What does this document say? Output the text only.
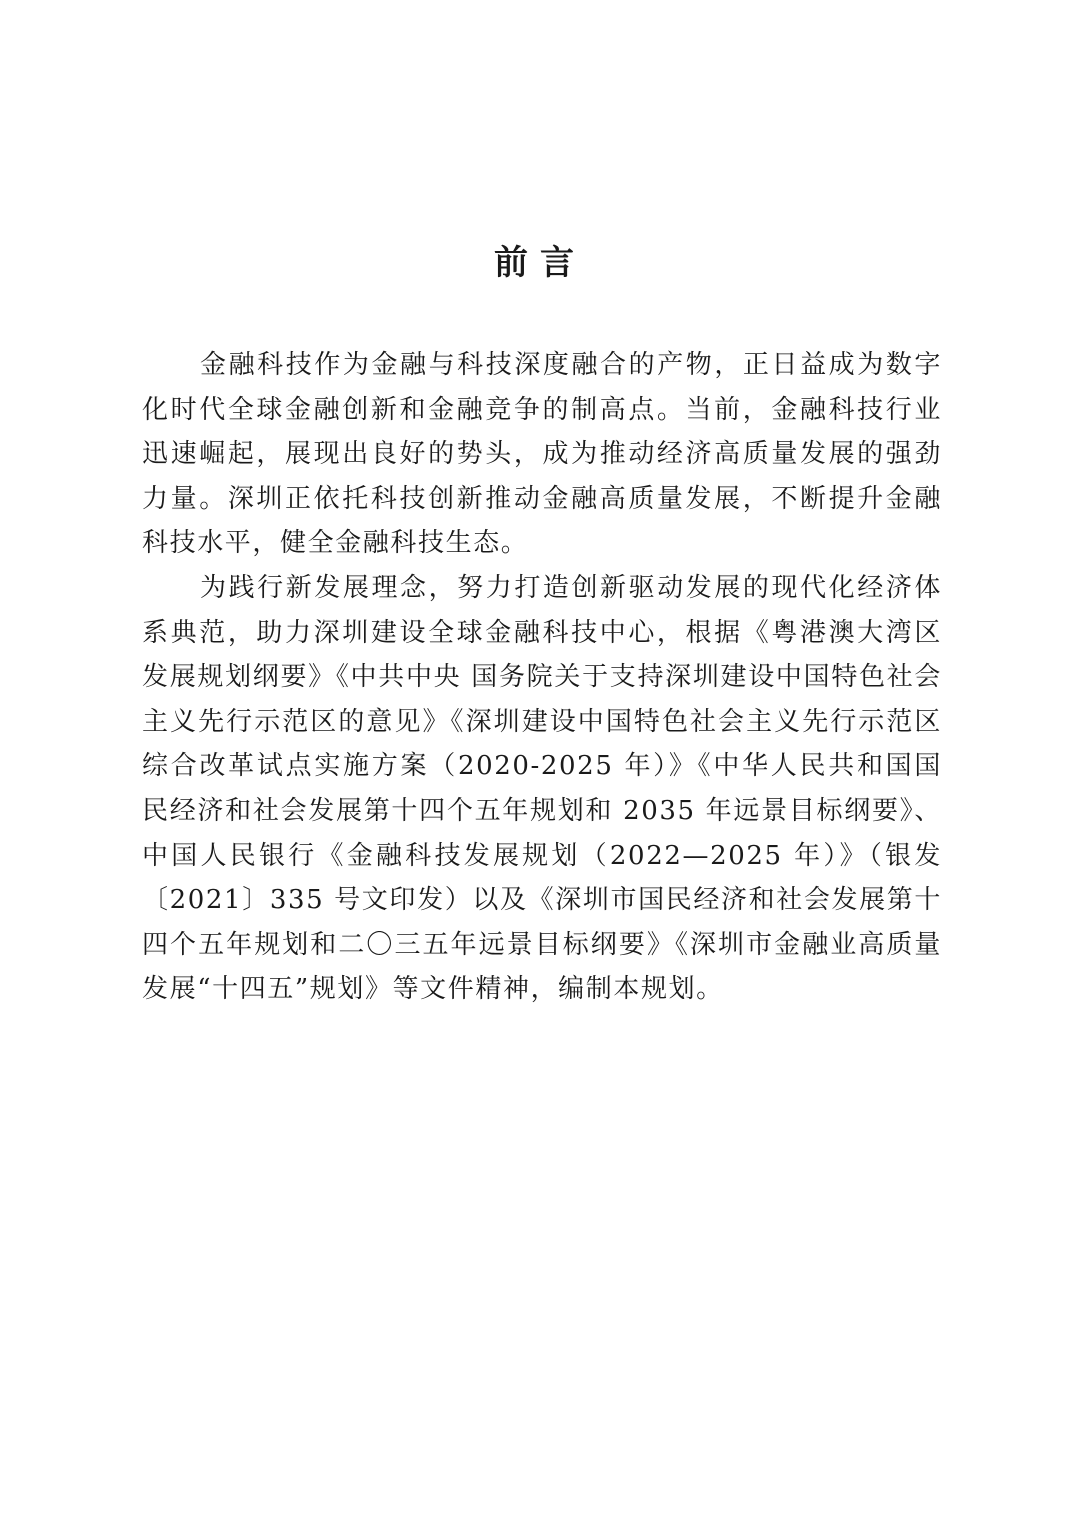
前言

金融科技作为金融与科技深度融合的产物，正日益成为数字化时代全球金融创新和金融竞争的制高点。当前，金融科技行业迅速崛起，展现出良好的势头，成为推动经济高质量发展的强劲力量。深圳正依托科技创新推动金融高质量发展，不断提升金融科技水平，健全金融科技生态。

为践行新发展理念，努力打造创新驱动发展的现代化经济体系典范，助力深圳建设全球金融科技中心，根据《粤港澳大湾区发展规划纲要》《中共中央 国务院关于支持深圳建设中国特色社会主义先行示范区的意见》《深圳建设中国特色社会主义先行示范区综合改革试点实施方案（2020-2025 年）》《中华人民共和国国民经济和社会发展第十四个五年规划和 2035 年远景目标纲要》、中国人民银行《金融科技发展规划（2022—2025 年）》（银发〔2021〕335 号文印发）以及《深圳市国民经济和社会发展第十四个五年规划和二〇三五年远景目标纲要》《深圳市金融业高质量发展“十四五”规划》等文件精神，编制本规划。
